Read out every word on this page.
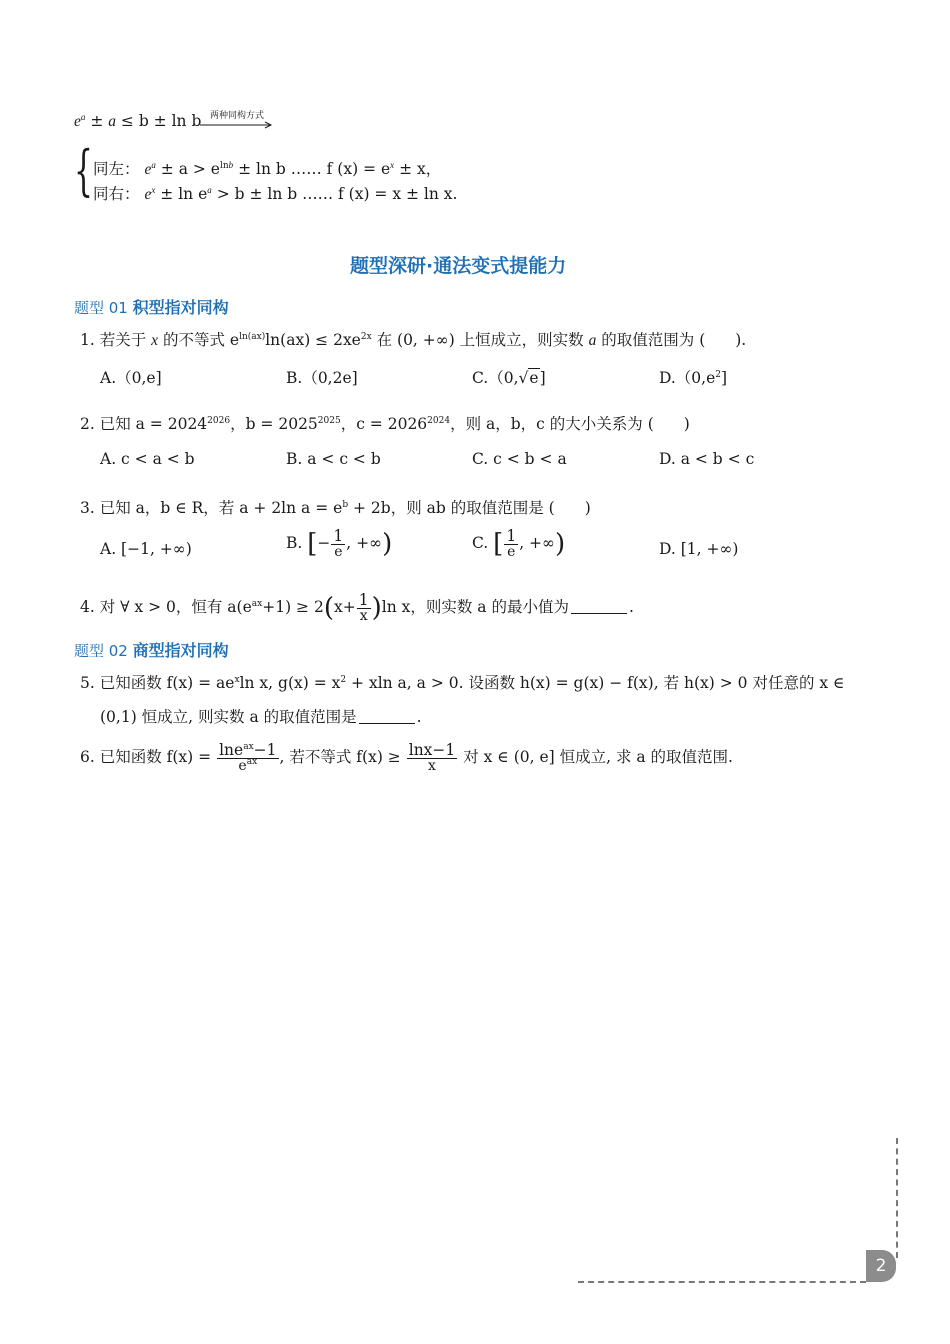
$e^a \pm a \le b \pm \ln b$ 两种同构方式
{ 同左： $e^a \pm a > e^{lnb} \pm \ln b$ …… f $(x) = e^x \pm x$，
同右： $e^x \pm \ln e^a > b \pm \ln b$ …… f (x) = x ± ln x.
题型深研·通法变式提能力
题型 01 积型指对同构
1. 若关于 x 的不等式 $e^{ln(ax)}\ln(ax) \le 2xe^{2x}$ 在 (0, +∞) 上恒成立，则实数 a 的取值范围为 ( ).
A.（0,e]	B.（0,2e]	C.（0,√e]	$D.(0,e^2]$
2. 已知 $a = 2024^{2026}$，$b = 2025^{2025}$，$c = 2026^{2024}$，则 a，b，c 的大小关系为 ( )
A. c < a < b	B. a < c < b	C. c < b < a	D. a < b < c
3. 已知 a，b ∈ R，若 a + 2ln $a = e^b + 2b$，则 ab 的取值范围是 ( )
A. [−1, +∞)	B. [− $\frac{1}{e}$ , +∞)	C. [ $\frac{1}{e}$ , +∞)	D. [1, +∞)
4. 对 ∀ x > 0，恒有 $a(e^{ax}+1) \ge 2(x+ \frac{1}{x} )\ln$ x，则实数 a 的最小值为	.
题型 02 商型指对同构
5. 已知函数 $f(x) = ae^x\ln$ x, $g(x) = x^2 + xln$ a, a > 0. 设函数 h(x) = g(x) − f(x), 若 h(x) > 0 对任意的 x ∈
(0,1) 恒成立, 则实数 a 的取值范围是	.
6. 已知函数 $f(x) = \frac{\ln e^{ax}-1}{e^{ax}}$ , 若不等式 $f(x) \ge \frac{\ln x-1}{x}$ 对 x ∈ (0, e] 恒成立, 求 a 的取值范围.
2
